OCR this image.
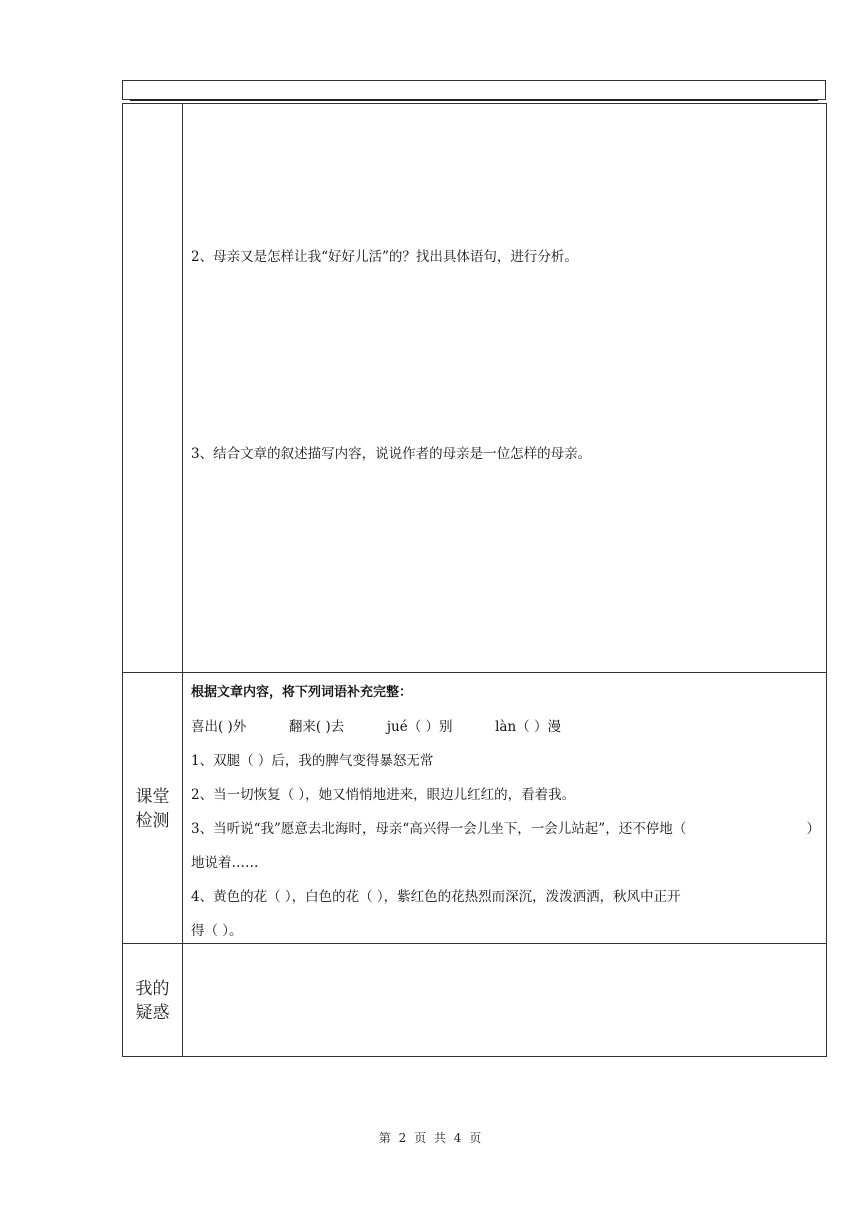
2、母亲又是怎样让我“好好儿活”的？找出具体语句，进行分析。
3、结合文章的叙述描写内容，说说作者的母亲是一位怎样的母亲。
课堂
检测
根据文章内容，将下列词语补充完整：
喜出( )外	翻来( )去	jué（ ）别	làn（ ）漫
1、双腿（ ）后，我的脾气变得暴怒无常
2、当一切恢复（ ），她又悄悄地进来，眼边儿红红的，看着我。
3、当听说“我”愿意去北海时，母亲“高兴得一会儿坐下，一会儿站起”，还不停地（	）
地说着……
4、黄色的花（ ），白色的花（ ），紫红色的花热烈而深沉，泼泼洒洒，秋风中正开
得（ ）。
我的
疑惑
第 2 页 共 4 页
